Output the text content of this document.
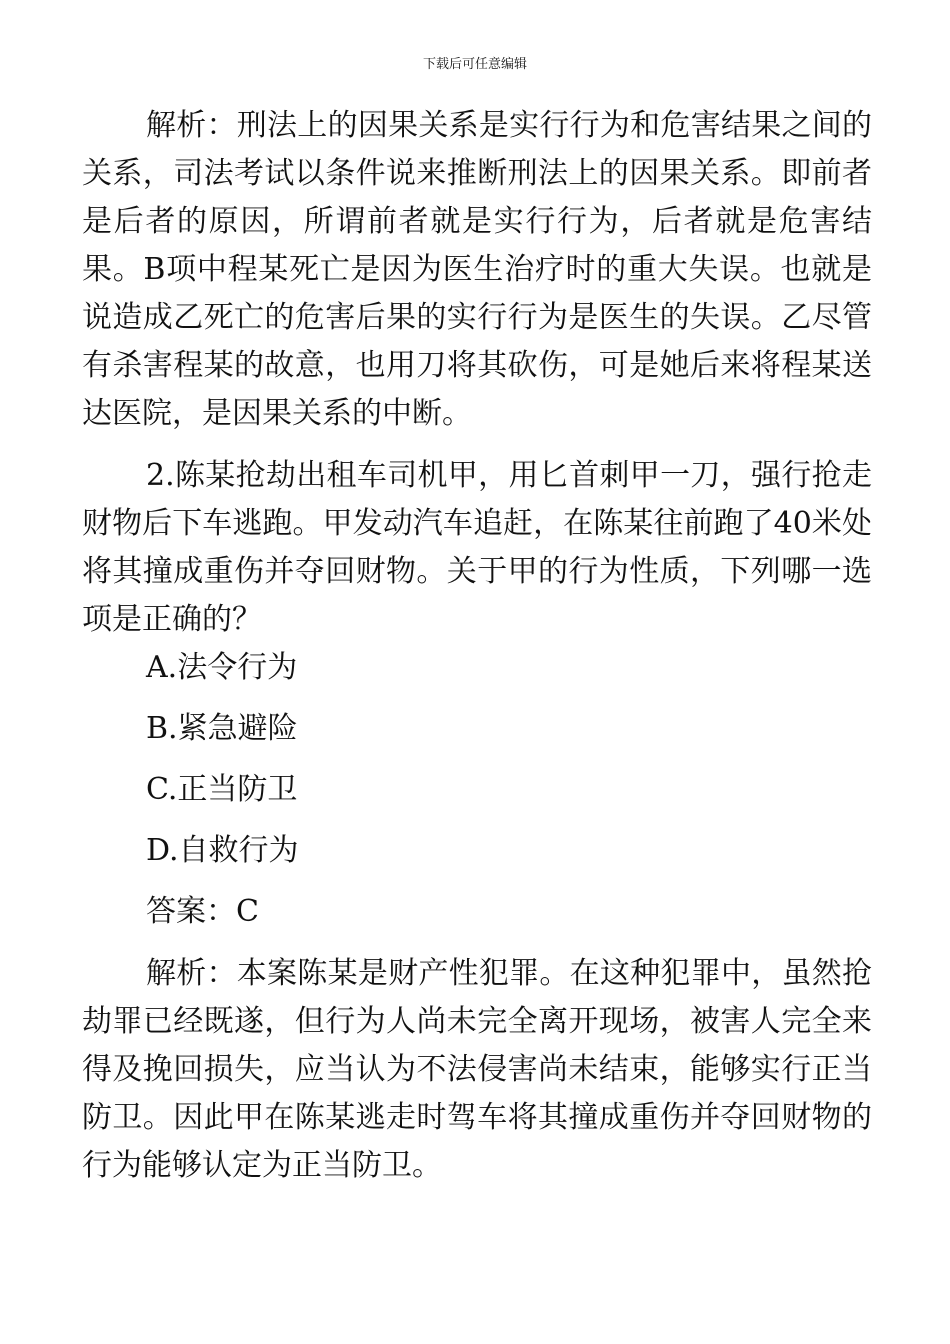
下载后可任意编辑

解析：刑法上的因果关系是实行行为和危害结果之间的关系，司法考试以条件说来推断刑法上的因果关系。即前者是后者的原因，所谓前者就是实行行为，后者就是危害结果。B项中程某死亡是因为医生治疗时的重大失误。也就是说造成乙死亡的危害后果的实行行为是医生的失误。乙尽管有杀害程某的故意，也用刀将其砍伤，可是她后来将程某送达医院，是因果关系的中断。

2.陈某抢劫出租车司机甲，用匕首刺甲一刀，强行抢走财物后下车逃跑。甲发动汽车追赶，在陈某往前跑了40米处将其撞成重伤并夺回财物。关于甲的行为性质，下列哪一选项是正确的？

A.法令行为

B.紧急避险

C.正当防卫

D.自救行为

答案：C

解析：本案陈某是财产性犯罪。在这种犯罪中，虽然抢劫罪已经既遂，但行为人尚未完全离开现场，被害人完全来得及挽回损失，应当认为不法侵害尚未结束，能够实行正当防卫。因此甲在陈某逃走时驾车将其撞成重伤并夺回财物的行为能够认定为正当防卫。
